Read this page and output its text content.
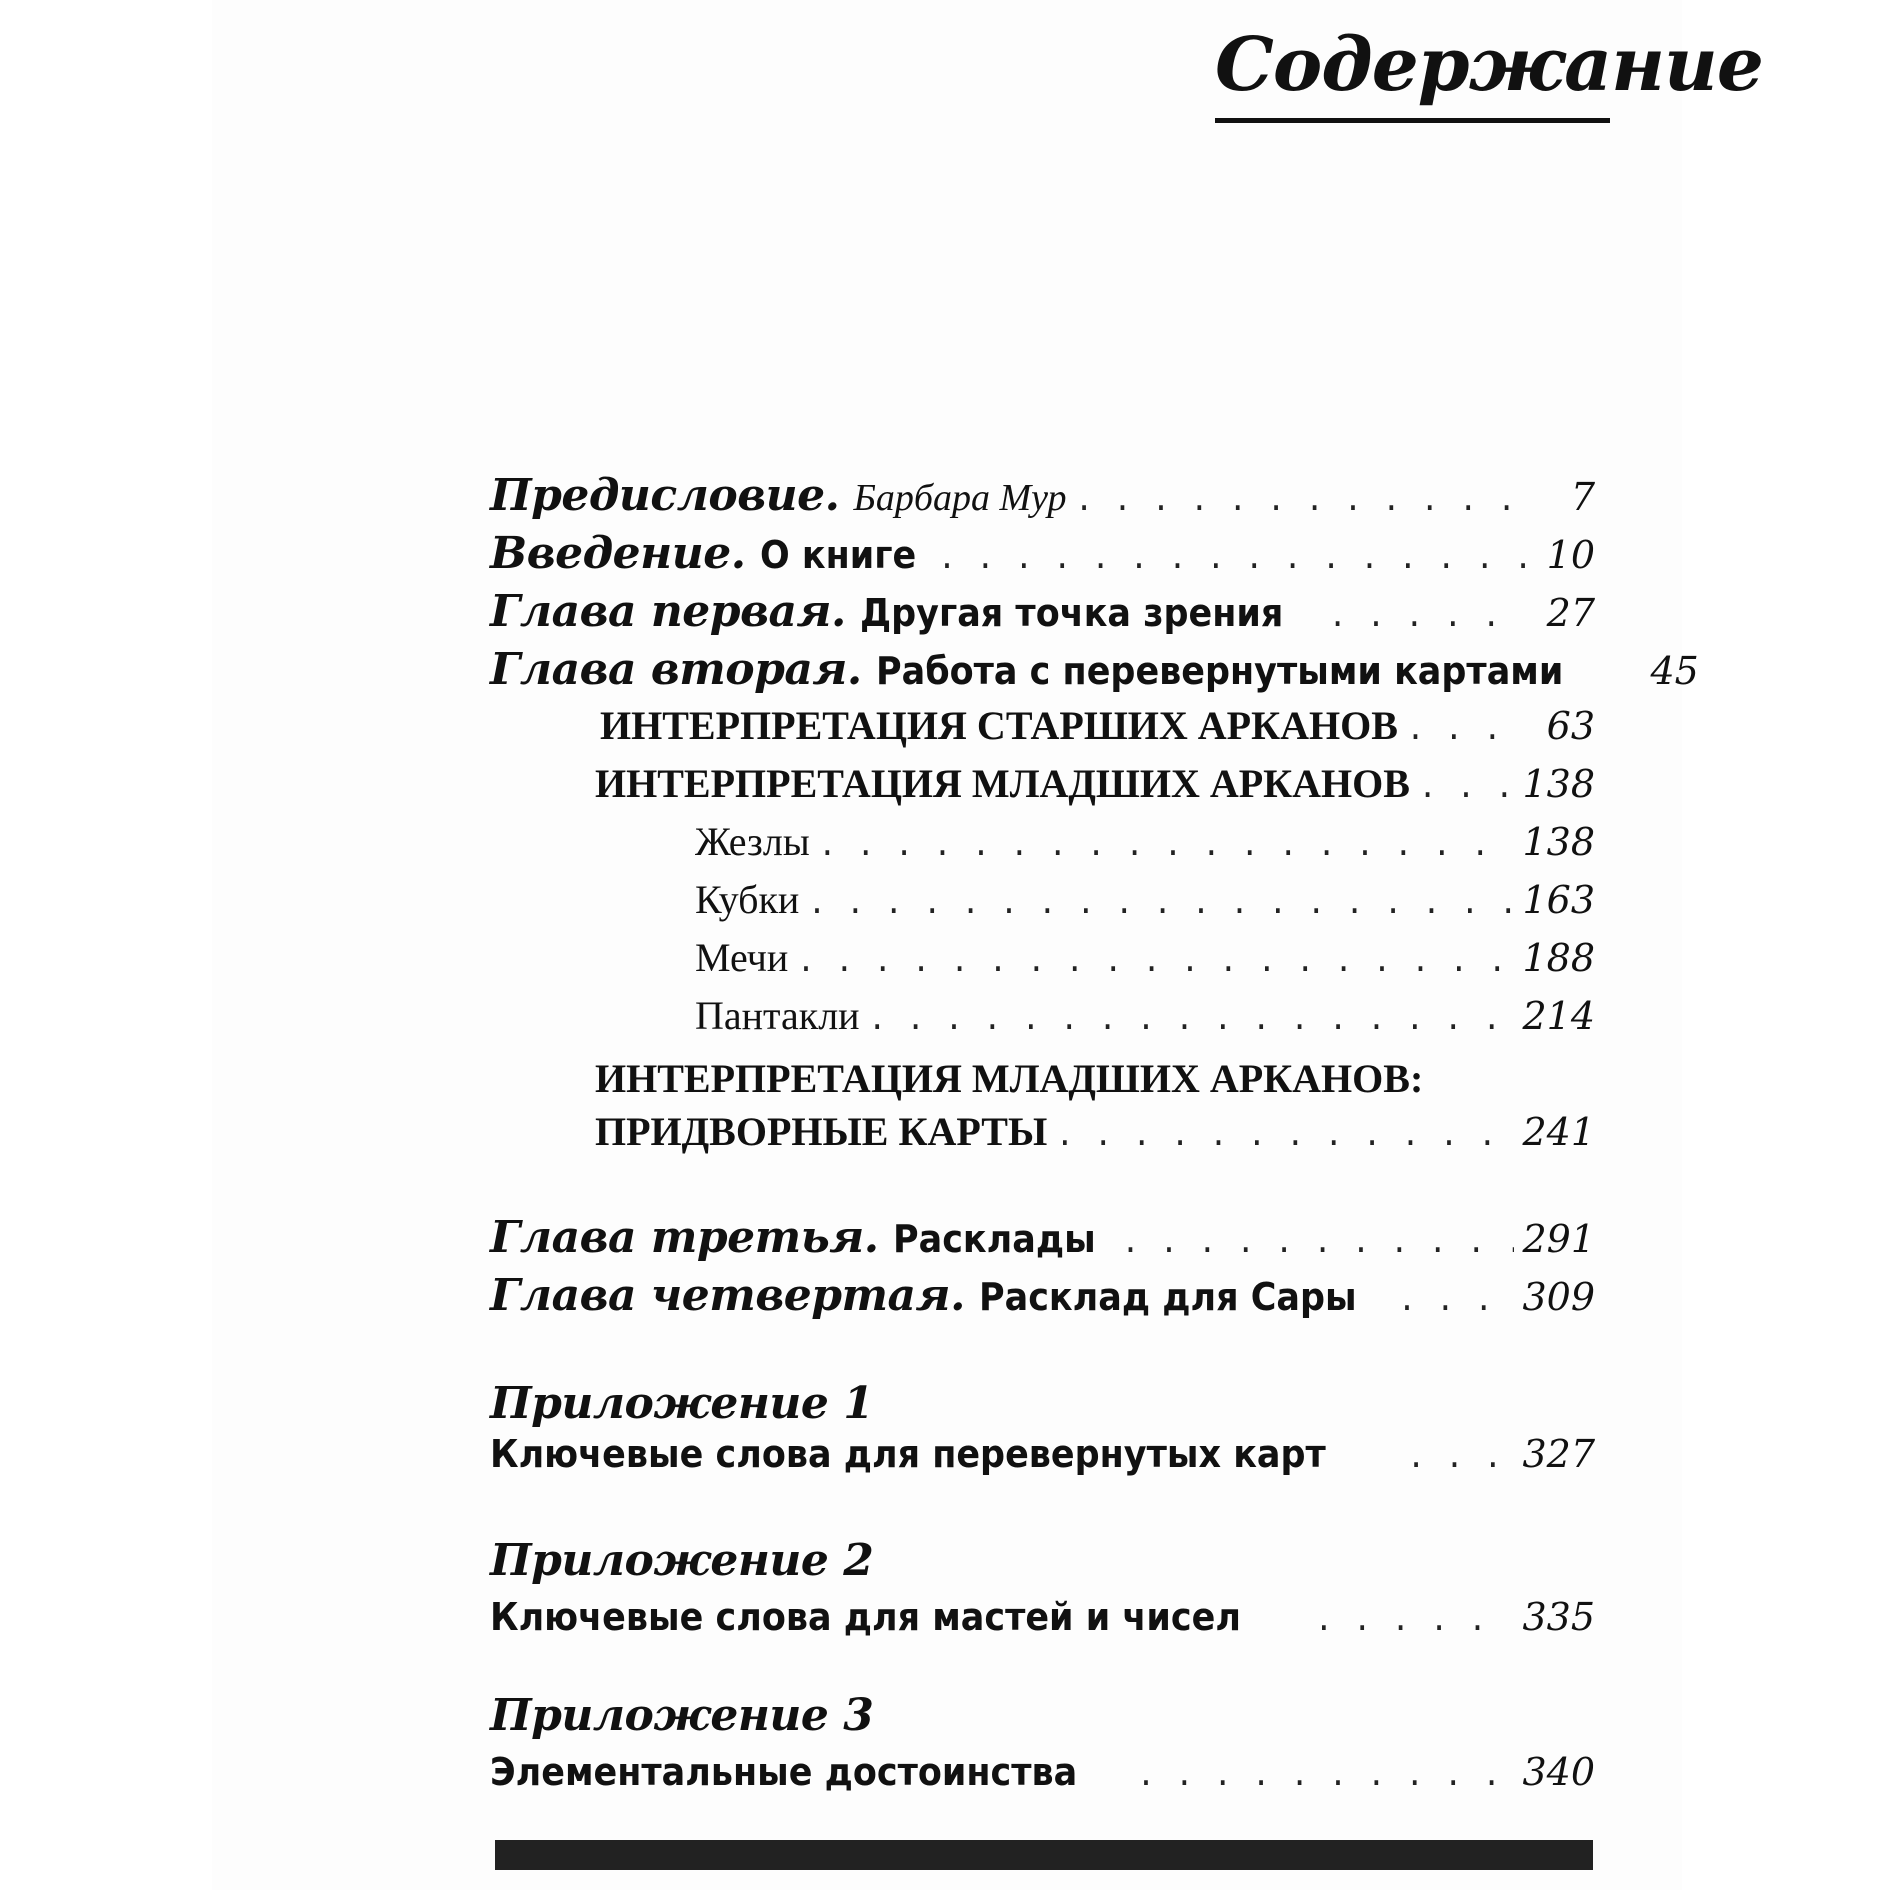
Содержание
Предисловие. Барбара Мур . . .	7
Введение. О книге . . .	10
Глава первая. Другая точка зрения . . .	27
Глава вторая. Работа с перевернутыми картами	45
ИНТЕРПРЕТАЦИЯ СТАРШИХ АРКАНОВ . . .	63
ИНТЕРПРЕТАЦИЯ МЛАДШИХ АРКАНОВ . . .	138
Жезлы . . .	138
Кубки . . .	163
Мечи . . .	188
Пантакли . . .	214
ИНТЕРПРЕТАЦИЯ МЛАДШИХ АРКАНОВ:
ПРИДВОРНЫЕ КАРТЫ . . .	241
Глава третья. Расклады . . .	291
Глава четвертая. Расклад для Сары . . .	309
Приложение 1
Ключевые слова для перевернутых карт . . .	327
Приложение 2
Ключевые слова для мастей и чисел . . .	335
Приложение 3
Элементальные достоинства . . .	340
